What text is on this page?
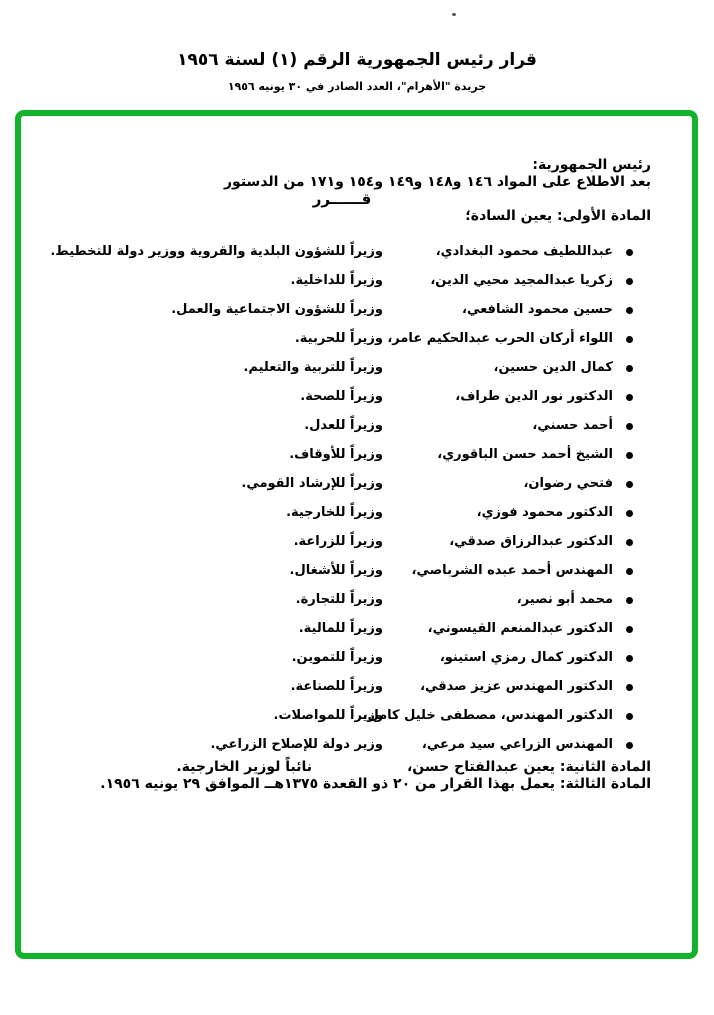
قرار رئيس الجمهورية الرقم (١) لسنة ١٩٥٦
جريدة "الأهرام"، العدد الصادر في ٣٠ يونيه ١٩٥٦

رئيس الجمهورية:

بعد الاطلاع على المواد ١٤٦ و١٤٨ و١٤٩ و١٥٤ و١٧١ من الدستور

قــــــرر

المادة الأولى: يعين السادة؛

عبداللطيف محمود البغدادي،
وزيراً للشؤون البلدية والقروية ووزير دولة للتخطيط.
زكريا عبدالمجيد محيي الدين،
وزيراً للداخلية.
حسين محمود الشافعي،
وزيراً للشؤون الاجتماعية والعمل.
اللواء أركان الحرب عبدالحكيم عامر،
وزيراً للحربية.
كمال الدين حسين،
وزيراً للتربية والتعليم.
الدكتور نور الدين طراف،
وزيراً للصحة.
أحمد حسني،
وزيراً للعدل.
الشيخ أحمد حسن الباقوري،
وزيراً للأوقاف.
فتحي رضوان،
وزيراً للإرشاد القومي.
الدكتور محمود فوزي،
وزيراً للخارجية.
الدكتور عبدالرزاق صدقي،
وزيراً للزراعة.
المهندس أحمد عبده الشرباصي،
وزيراً للأشغال.
محمد أبو نصير،
وزيراً للتجارة.
الدكتور عبدالمنعم القيسوني،
وزيراً للمالية.
الدكتور كمال رمزي استينو،
وزيراً للتموين.
الدكتور المهندس عزيز صدقي،
وزيراً للصناعة.
الدكتور المهندس، مصطفى خليل كامل،
وزيراً للمواصلات.
المهندس الزراعي سيد مرعي،
وزير دولة للإصلاح الزراعي.

المادة الثانية: يعين عبدالفتاح حسن،
نائباً لوزير الخارجية.

المادة الثالثة: يعمل بهذا القرار من ٢٠ ذو القعدة ١٣٧٥هــ الموافق ٢٩ يونيه ١٩٥٦.
